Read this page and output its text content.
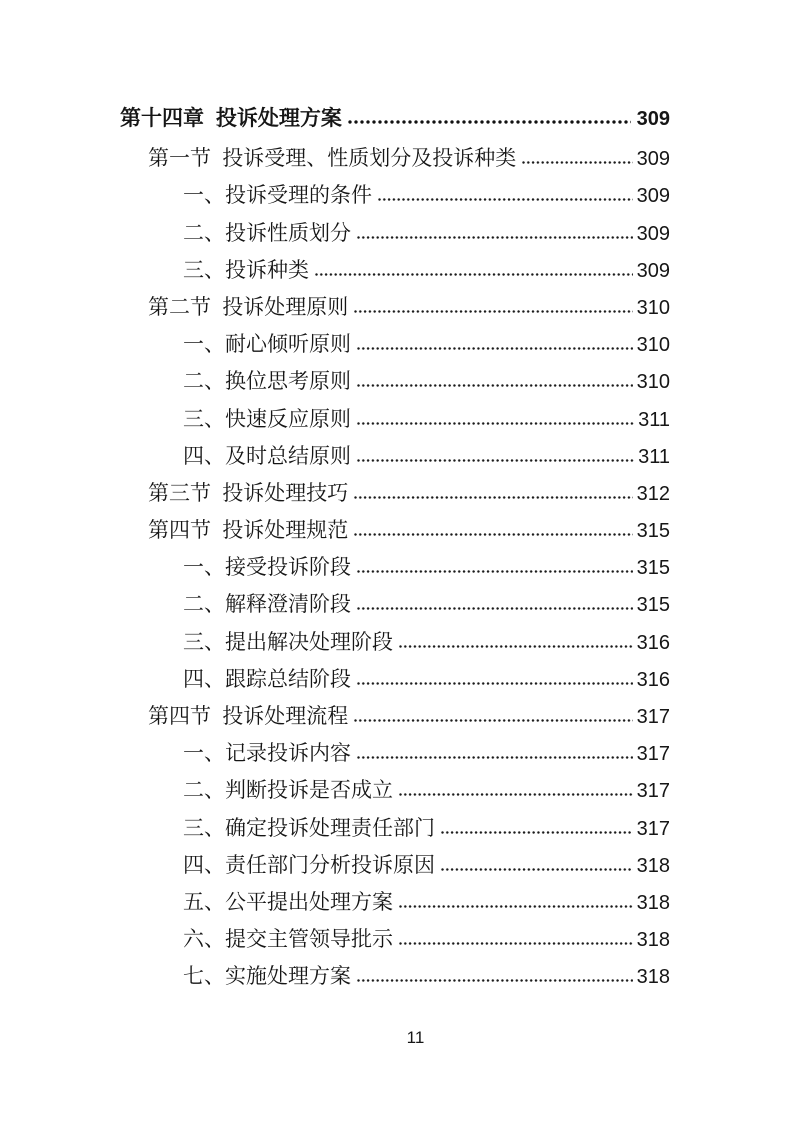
第十四章 投诉处理方案	309
第一节 投诉受理、性质划分及投诉种类	309
一、投诉受理的条件	309
二、投诉性质划分	309
三、投诉种类	309
第二节 投诉处理原则	310
一、耐心倾听原则	310
二、换位思考原则	310
三、快速反应原则	311
四、及时总结原则	311
第三节 投诉处理技巧	312
第四节 投诉处理规范	315
一、接受投诉阶段	315
二、解释澄清阶段	315
三、提出解决处理阶段	316
四、跟踪总结阶段	316
第四节 投诉处理流程	317
一、记录投诉内容	317
二、判断投诉是否成立	317
三、确定投诉处理责任部门	317
四、责任部门分析投诉原因	318
五、公平提出处理方案	318
六、提交主管领导批示	318
七、实施处理方案	318
11
